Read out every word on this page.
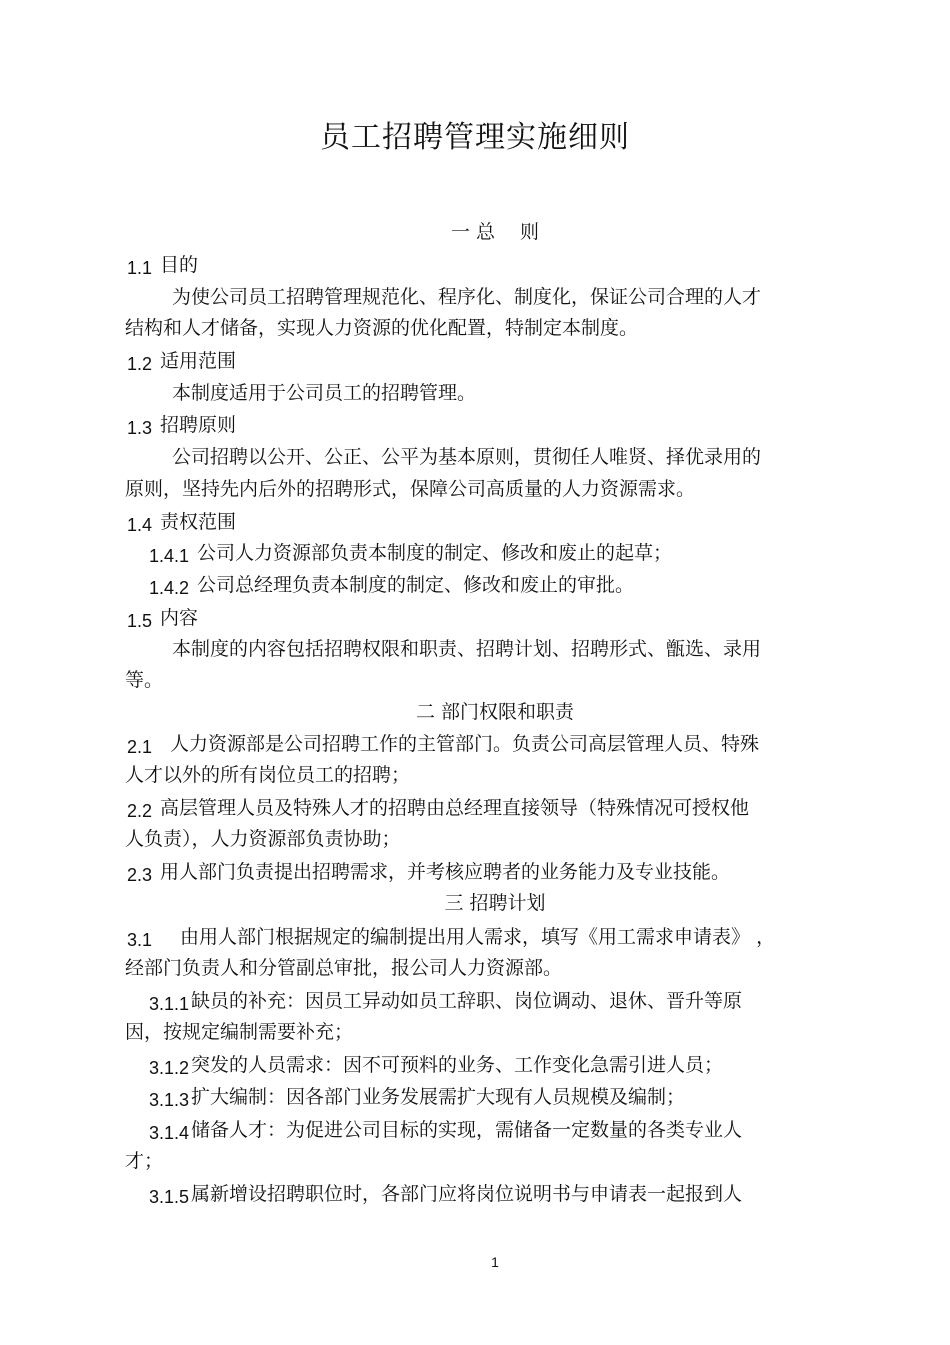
员工招聘管理实施细则
一 总　 则
1.1 目的
为使公司员工招聘管理规范化、程序化、制度化，保证公司合理的人才
结构和人才储备，实现人力资源的优化配置，特制定本制度。
1.2 适用范围
本制度适用于公司员工的招聘管理。
1.3 招聘原则
公司招聘以公开、公正、公平为基本原则，贯彻任人唯贤、择优录用的
原则，坚持先内后外的招聘形式，保障公司高质量的人力资源需求。
1.4 责权范围
1.4.1 公司人力资源部负责本制度的制定、修改和废止的起草；
1.4.2 公司总经理负责本制度的制定、修改和废止的审批。
1.5 内容
本制度的内容包括招聘权限和职责、招聘计划、招聘形式、甑选、录用
等。
二 部门权限和职责
2.1 人力资源部是公司招聘工作的主管部门。负责公司高层管理人员、特殊
人才以外的所有岗位员工的招聘；
2.2 高层管理人员及特殊人才的招聘由总经理直接领导（特殊情况可授权他
人负责），人力资源部负责协助；
2.3 用人部门负责提出招聘需求，并考核应聘者的业务能力及专业技能。
三 招聘计划
3.1 由用人部门根据规定的编制提出用人需求，填写《用工需求申请表》 ，
经部门负责人和分管副总审批，报公司人力资源部。
3.1.1 缺员的补充：因员工异动如员工辞职、岗位调动、退休、晋升等原
因，按规定编制需要补充；
3.1.2 突发的人员需求：因不可预料的业务、工作变化急需引进人员；
3.1.3 扩大编制：因各部门业务发展需扩大现有人员规模及编制；
3.1.4 储备人才：为促进公司目标的实现，需储备一定数量的各类专业人
才；
3.1.5 属新增设招聘职位时，各部门应将岗位说明书与申请表一起报到人
1
